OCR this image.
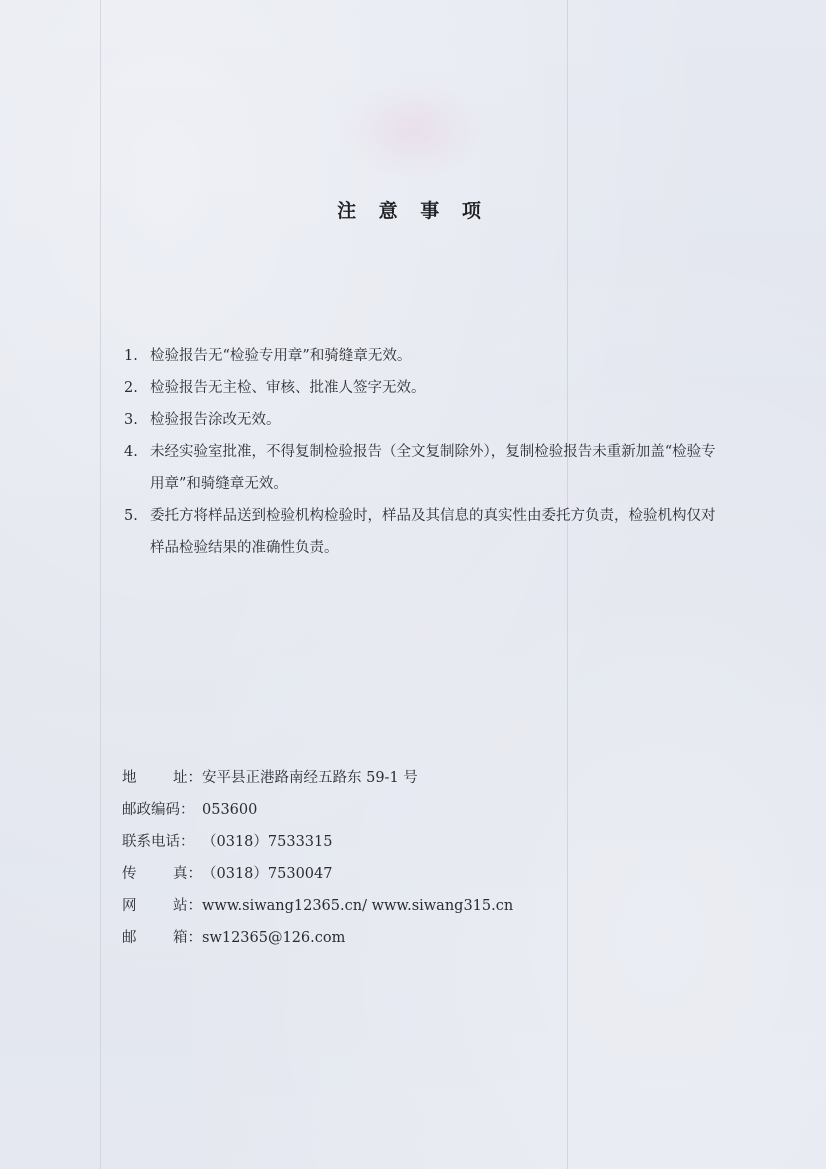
注 意 事 项
1. 检验报告无“检验专用章”和骑缝章无效。
2. 检验报告无主检、审核、批准人签字无效。
3. 检验报告涂改无效。
4. 未经实验室批准，不得复制检验报告（全文复制除外），复制检验报告未重新加盖“检验专用章”和骑缝章无效。
5. 委托方将样品送到检验机构检验时，样品及其信息的真实性由委托方负责，检验机构仅对样品检验结果的准确性负责。
地	址： 安平县正港路南经五路东 59-1 号
邮政编码： 053600
联系电话： （0318）7533315
传	真： （0318）7530047
网	站： www.siwang12365.cn/ www.siwang315.cn
邮	箱： sw12365@126.com
